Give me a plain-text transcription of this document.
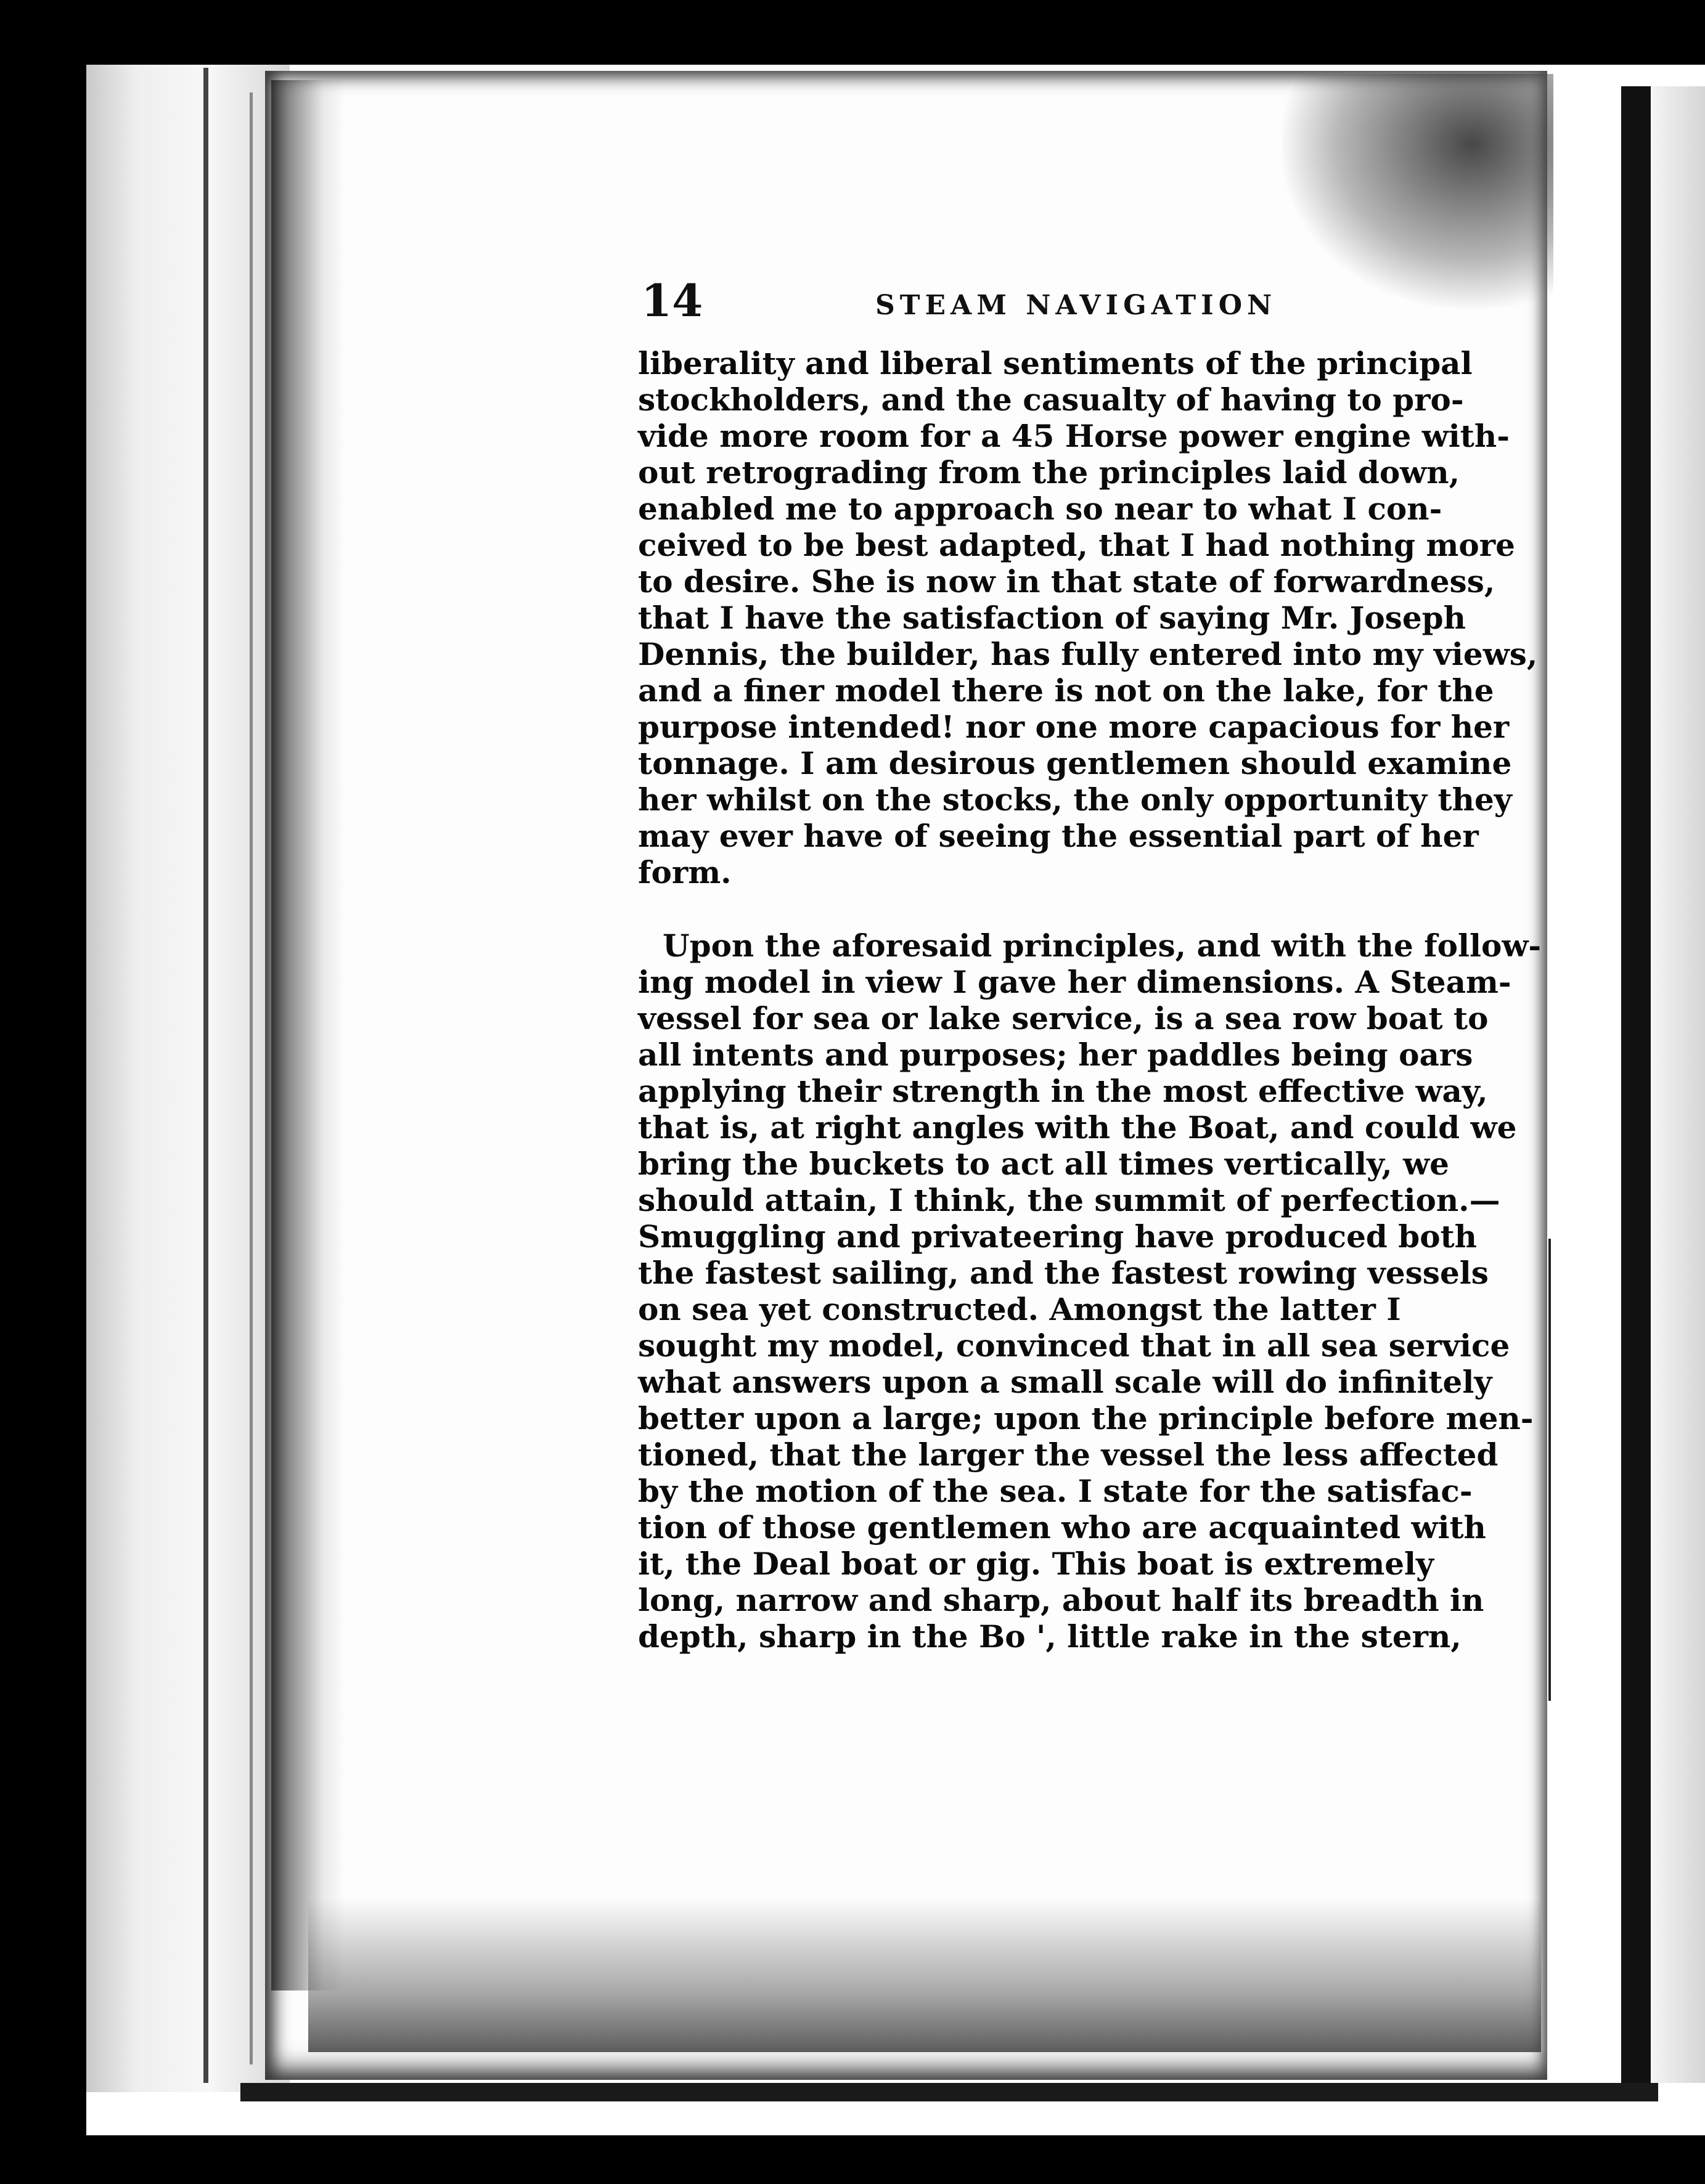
14	STEAM NAVIGATION
liberality and liberal sentiments of the principal
stockholders, and the casualty of having to pro-
vide more room for a 45 Horse power engine with-
out retrograding from the principles laid down,
enabled me to approach so near to what I con-
ceived to be best adapted, that I had nothing more
to desire. She is now in that state of forwardness,
that I have the satisfaction of saying Mr. Joseph
Dennis, the builder, has fully entered into my views,
and a finer model there is not on the lake, for the
purpose intended! nor one more capacious for her
tonnage. I am desirous gentlemen should examine
her whilst on the stocks, the only opportunity they
may ever have of seeing the essential part of her
form.
Upon the aforesaid principles, and with the follow-
ing model in view I gave her dimensions. A Steam-
vessel for sea or lake service, is a sea row boat to
all intents and purposes; her paddles being oars
applying their strength in the most effective way,
that is, at right angles with the Boat, and could we
bring the buckets to act all times vertically, we
should attain, I think, the summit of perfection.—
Smuggling and privateering have produced both
the fastest sailing, and the fastest rowing vessels
on sea yet constructed. Amongst the latter I
sought my model, convinced that in all sea service
what answers upon a small scale will do infinitely
better upon a large; upon the principle before men-
tioned, that the larger the vessel the less affected
by the motion of the sea. I state for the satisfac-
tion of those gentlemen who are acquainted with
it, the Deal boat or gig. This boat is extremely
long, narrow and sharp, about half its breadth in
depth, sharp in the Bo ', little rake in the stern,
